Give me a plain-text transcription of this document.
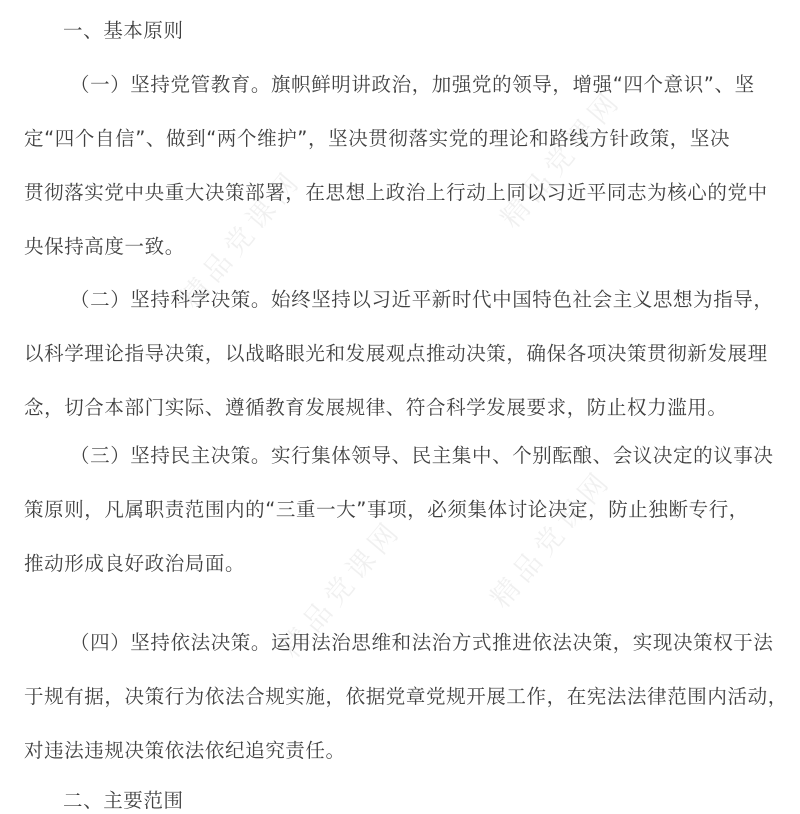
一、基本原则
（一）坚持党管教育。旗帜鲜明讲政治，加强党的领导，增强“四个意识”、坚
定“四个自信”、做到“两个维护”，坚决贯彻落实党的理论和路线方针政策，坚决
贯彻落实党中央重大决策部署，在思想上政治上行动上同以习近平同志为核心的党中
央保持高度一致。
（二）坚持科学决策。始终坚持以习近平新时代中国特色社会主义思想为指导，
以科学理论指导决策，以战略眼光和发展观点推动决策，确保各项决策贯彻新发展理
念，切合本部门实际、遵循教育发展规律、符合科学发展要求，防止权力滥用。
（三）坚持民主决策。实行集体领导、民主集中、个别酝酿、会议决定的议事决
策原则，凡属职责范围内的“三重一大”事项，必须集体讨论决定，防止独断专行，
推动形成良好政治局面。
（四）坚持依法决策。运用法治思维和法治方式推进依法决策，实现决策权于法
于规有据，决策行为依法合规实施，依据党章党规开展工作，在宪法法律范围内活动，
对违法违规决策依法依纪追究责任。
二、主要范围
精品党课网
精品党课网
精品党课网	精品党课网
